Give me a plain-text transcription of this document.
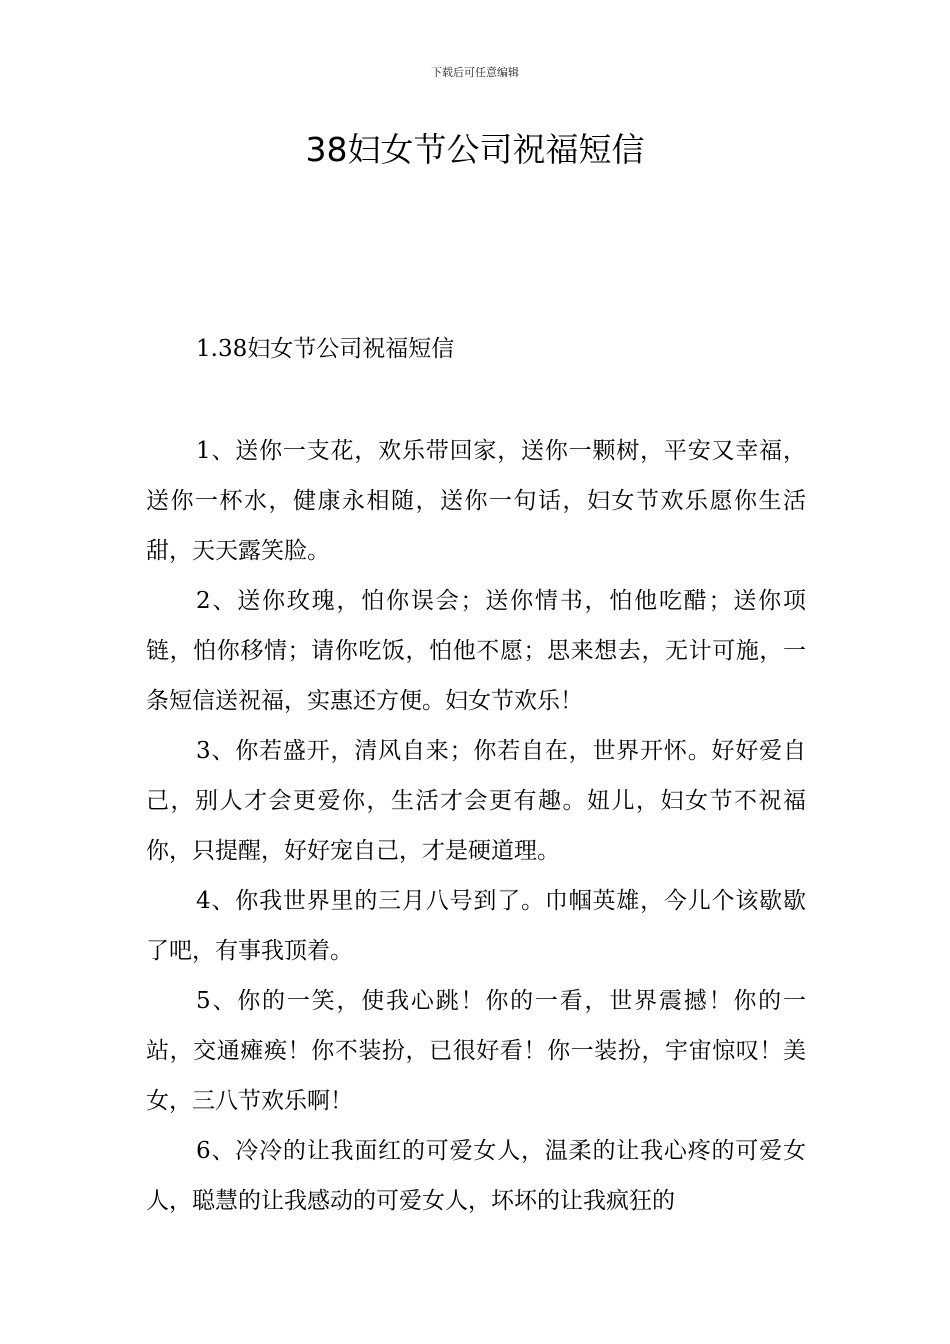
下载后可任意编辑
38妇女节公司祝福短信
1.38妇女节公司祝福短信

1、送你一支花，欢乐带回家，送你一颗树，平安又幸福，送你一杯水，健康永相随，送你一句话，妇女节欢乐愿你生活甜，天天露笑脸。

2、送你玫瑰，怕你误会；送你情书，怕他吃醋；送你项链，怕你移情；请你吃饭，怕他不愿；思来想去，无计可施，一条短信送祝福，实惠还方便。妇女节欢乐！

3、你若盛开，清风自来；你若自在，世界开怀。好好爱自己，别人才会更爱你，生活才会更有趣。妞儿，妇女节不祝福你，只提醒，好好宠自己，才是硬道理。

4、你我世界里的三月八号到了。巾帼英雄，今儿个该歇歇了吧，有事我顶着。

5、你的一笑，使我心跳！你的一看，世界震撼！你的一站，交通瘫痪！你不装扮，已很好看！你一装扮，宇宙惊叹！美女，三八节欢乐啊！

6、冷冷的让我面红的可爱女人，温柔的让我心疼的可爱女人，聪慧的让我感动的可爱女人，坏坏的让我疯狂的
